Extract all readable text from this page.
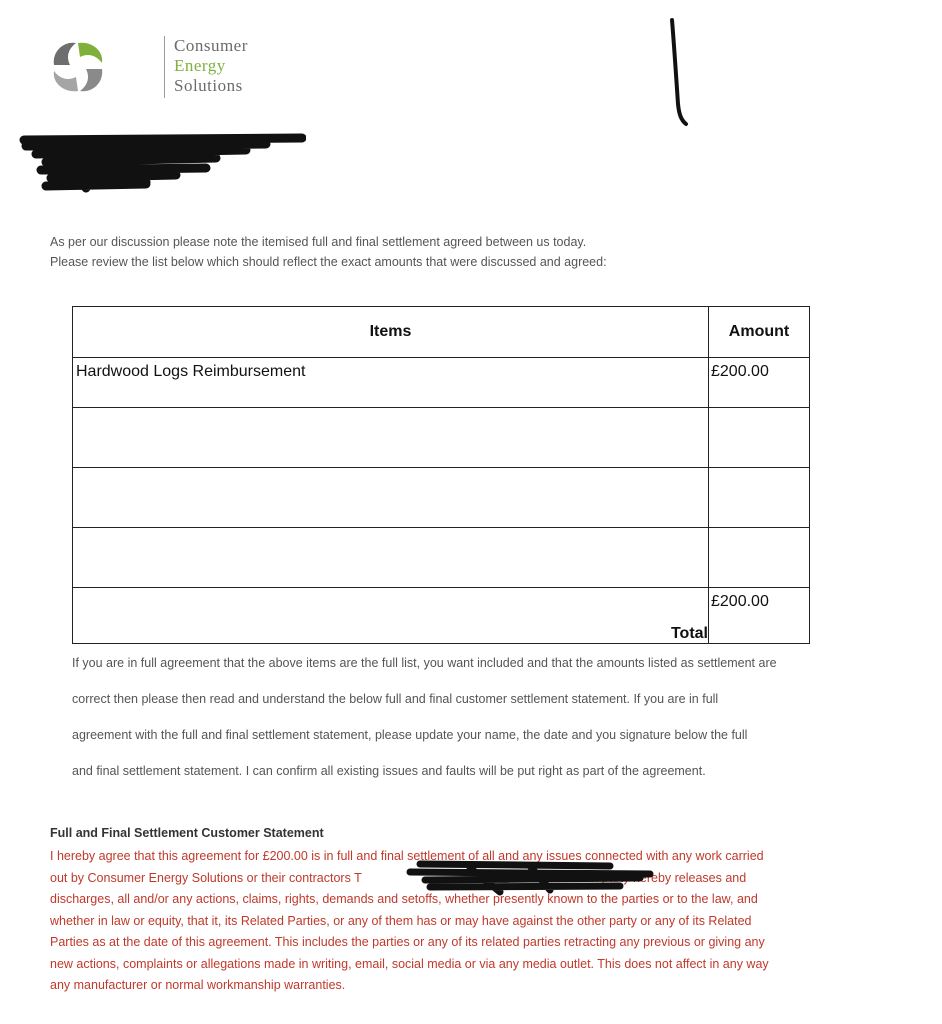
Consumer
Energy
Solutions
As per our discussion please note the itemised full and final settlement agreed between us today.
Please review the list below which should reflect the exact amounts that were discussed and agreed:
Items	Amount
Hardwood Logs Reimbursement	£200.00

Total	£200.00
If you are in full agreement that the above items are the full list, you want included and that the amounts listed as settlement are
correct then please then read and understand the below full and final customer settlement statement. If you are in full
agreement with the full and final settlement statement, please update your name, the date and you signature below the full
and final settlement statement. I can confirm all existing issues and faults will be put right as part of the agreement.
Full and Final Settlement Customer Statement
I hereby agree that this agreement for £200.00 is in full and final settlement of all and any issues connected with any work carried
out by Consumer Energy Solutions or their contractors T	Each party hereby releases and
discharges, all and/or any actions, claims, rights, demands and setoffs, whether presently known to the parties or to the law, and
whether in law or equity, that it, its Related Parties, or any of them has or may have against the other party or any of its Related
Parties as at the date of this agreement. This includes the parties or any of its related parties retracting any previous or giving any
new actions, complaints or allegations made in writing, email, social media or via any media outlet. This does not affect in any way
any manufacturer or normal workmanship warranties.
